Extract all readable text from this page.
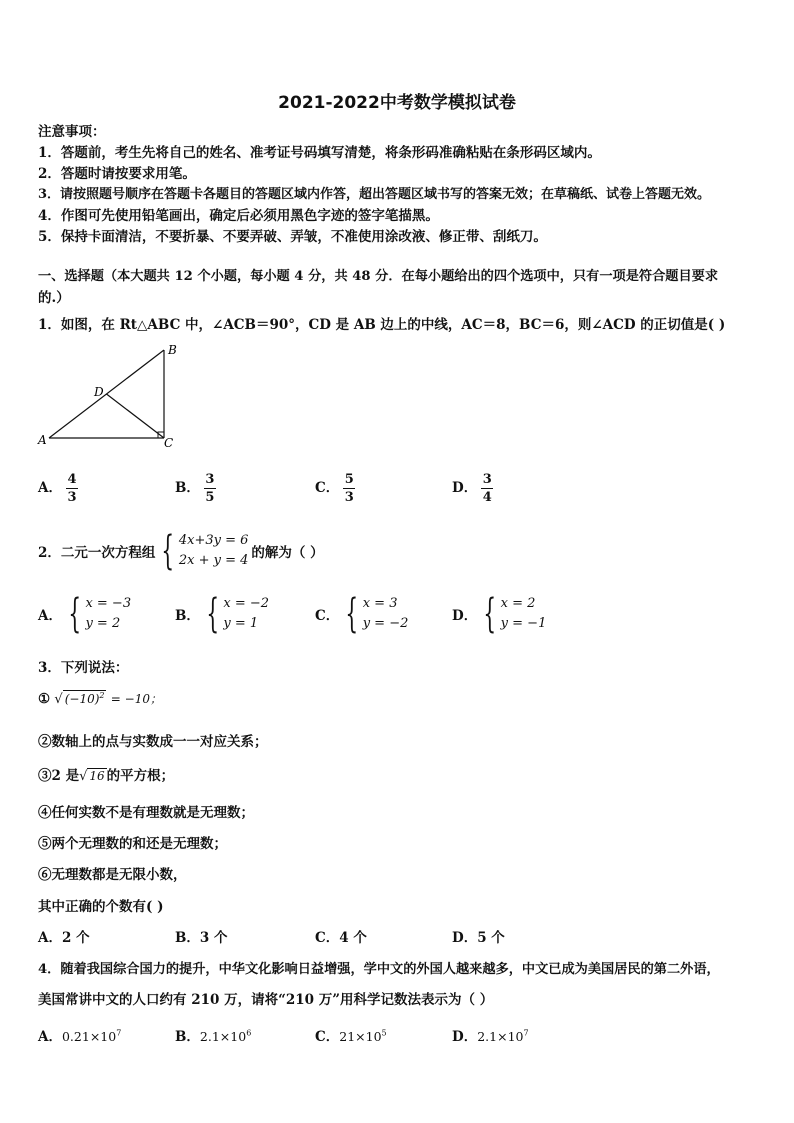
2021-2022中考数学模拟试卷
注意事项：
1．答题前，考生先将自己的姓名、准考证号码填写清楚，将条形码准确粘贴在条形码区域内。
2．答题时请按要求用笔。
3．请按照题号顺序在答题卡各题目的答题区域内作答，超出答题区域书写的答案无效；在草稿纸、试卷上答题无效。
4．作图可先使用铅笔画出，确定后必须用黑色字迹的签字笔描黑。
5．保持卡面清洁，不要折暴、不要弄破、弄皱，不准使用涂改液、修正带、刮纸刀。
一、选择题（本大题共 12 个小题，每小题 4 分，共 48 分．在每小题给出的四个选项中，只有一项是符合题目要求
的.）
1．如图，在 Rt△ABC 中，∠ACB＝90°，CD 是 AB 边上的中线，AC＝8，BC＝6，则∠ACD 的正切值是( )
A
B
C
D
A． $\frac{4}{3}$	B． $\frac{3}{5}$	C． $\frac{5}{3}$	D． $\frac{3}{4}$
2．二元一次方程组 { 4x+3y = 6
2x + y = 4 的解为（ ）
A． { x = −3
y = 2	B． { x = −2
y = 1	C． { x = 3
y = −2	D． { x = 2
y = −1
3．下列说法：
① √ $(-10)^2 = -10$；
②数轴上的点与实数成一一对应关系；
③2 是√ 16 的平方根；
④任何实数不是有理数就是无理数；
⑤两个无理数的和还是无理数；
⑥无理数都是无限小数，
其中正确的个数有( )
A．2 个	B．3 个	C．4 个	D．5 个
4．随着我国综合国力的提升，中华文化影响日益增强，学中文的外国人越来越多，中文已成为美国居民的第二外语，
美国常讲中文的人口约有 210 万，请将“210 万”用科学记数法表示为（ ）
A．$0.21\times 10^7$	B．$2.1\times 10^6$	C．$21\times 10^5$	D．$2.1\times 10^7$
